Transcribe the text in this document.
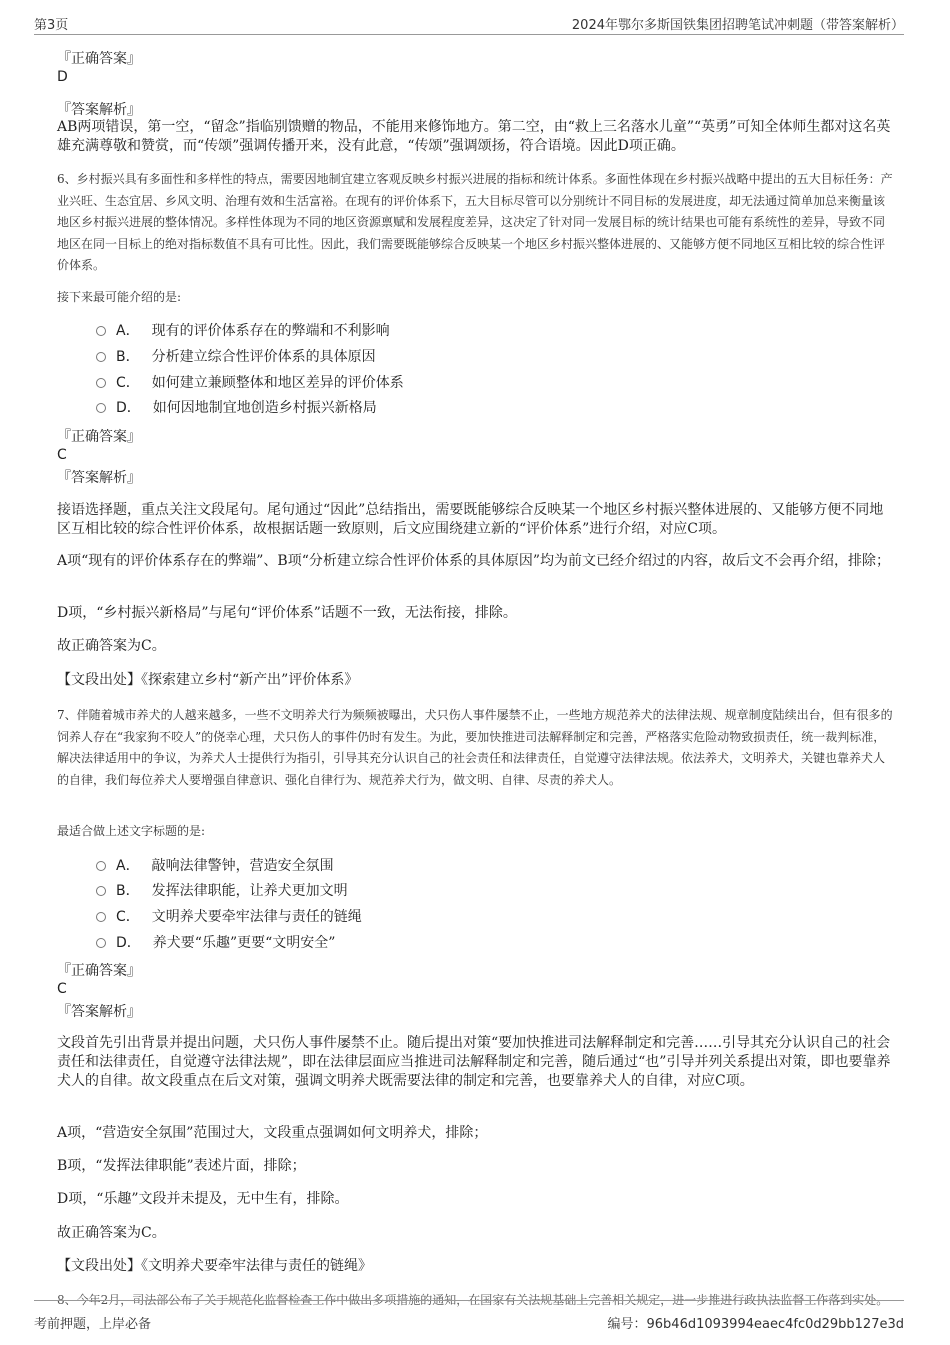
第3页	2024年鄂尔多斯国铁集团招聘笔试冲刺题（带答案解析）
『正确答案』
D
『答案解析』
AB两项错误，第一空，“留念”指临别馈赠的物品，不能用来修饰地方。第二空，由“救上三名落水儿童”“英勇”可知全体师生都对这名英雄充满尊敬和赞赏，而“传颂”强调传播开来，没有此意，“传颂”强调颂扬，符合语境。因此D项正确。
6、乡村振兴具有多面性和多样性的特点，需要因地制宜建立客观反映乡村振兴进展的指标和统计体系。多面性体现在乡村振兴战略中提出的五大目标任务：产业兴旺、生态宜居、乡风文明、治理有效和生活富裕。在现有的评价体系下，五大目标尽管可以分别统计不同目标的发展进度，却无法通过简单加总来衡量该地区乡村振兴进展的整体情况。多样性体现为不同的地区资源禀赋和发展程度差异，这决定了针对同一发展目标的统计结果也可能有系统性的差异，导致不同地区在同一目标上的绝对指标数值不具有可比性。因此，我们需要既能够综合反映某一个地区乡村振兴整体进展的、又能够方便不同地区互相比较的综合性评价体系。
接下来最可能介绍的是:
A． 现有的评价体系存在的弊端和不利影响
B． 分析建立综合性评价体系的具体原因
C． 如何建立兼顾整体和地区差异的评价体系
D． 如何因地制宜地创造乡村振兴新格局
『正确答案』
C
『答案解析』
接语选择题，重点关注文段尾句。尾句通过“因此”总结指出，需要既能够综合反映某一个地区乡村振兴整体进展的、又能够方便不同地区互相比较的综合性评价体系，故根据话题一致原则，后文应围绕建立新的“评价体系”进行介绍，对应C项。
A项“现有的评价体系存在的弊端”、B项“分析建立综合性评价体系的具体原因”均为前文已经介绍过的内容，故后文不会再介绍，排除；
D项，“乡村振兴新格局”与尾句“评价体系”话题不一致，无法衔接，排除。
故正确答案为C。
【文段出处】《探索建立乡村“新产出”评价体系》
7、伴随着城市养犬的人越来越多，一些不文明养犬行为频频被曝出，犬只伤人事件屡禁不止，一些地方规范养犬的法律法规、规章制度陆续出台，但有很多的饲养人存在“我家狗不咬人”的侥幸心理，犬只伤人的事件仍时有发生。为此，要加快推进司法解释制定和完善，严格落实危险动物致损责任，统一裁判标准，解决法律适用中的争议，为养犬人士提供行为指引，引导其充分认识自己的社会责任和法律责任，自觉遵守法律法规。依法养犬，文明养犬，关键也靠养犬人的自律，我们每位养犬人要增强自律意识、强化自律行为、规范养犬行为，做文明、自律、尽责的养犬人。
最适合做上述文字标题的是:
A． 敲响法律警钟，营造安全氛围
B． 发挥法律职能，让养犬更加文明
C． 文明养犬要牵牢法律与责任的链绳
D． 养犬要“乐趣”更要“文明安全”
『正确答案』
C
『答案解析』
文段首先引出背景并提出问题，犬只伤人事件屡禁不止。随后提出对策“要加快推进司法解释制定和完善……引导其充分认识自己的社会责任和法律责任，自觉遵守法律法规”，即在法律层面应当推进司法解释制定和完善，随后通过“也”引导并列关系提出对策，即也要靠养犬人的自律。故文段重点在后文对策，强调文明养犬既需要法律的制定和完善，也要靠养犬人的自律，对应C项。
A项，“营造安全氛围”范围过大，文段重点强调如何文明养犬，排除；
B项，“发挥法律职能”表述片面，排除；
D项，“乐趣”文段并未提及，无中生有，排除。
故正确答案为C。
【文段出处】《文明养犬要牵牢法律与责任的链绳》
8、今年2月，司法部公布了关于规范化监督检查工作中做出多项措施的通知，在国家有关法规基础上完善相关规定，进一步推进行政执法监督工作落到实处。
考前押题，上岸必备	编号：96b46d1093994eaec4fc0d29bb127e3d
